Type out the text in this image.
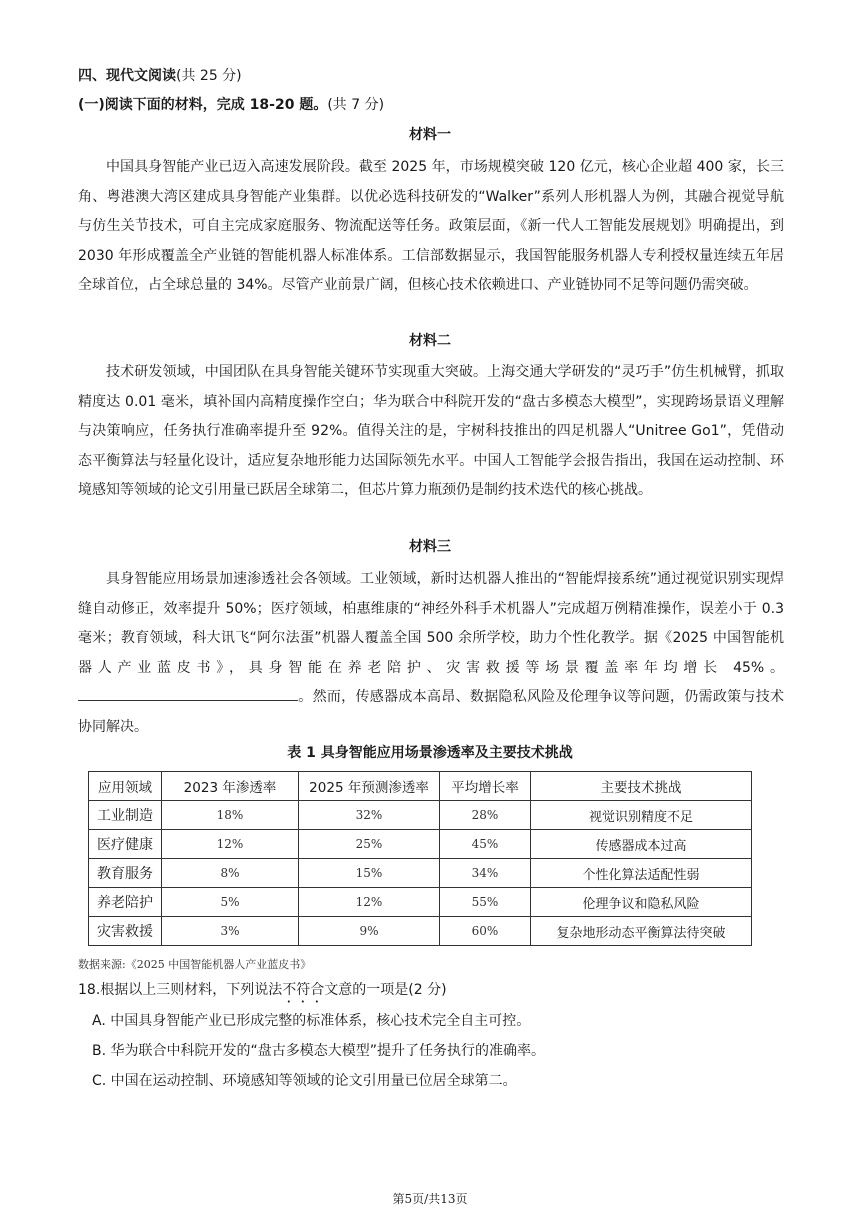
四、现代文阅读(共 25 分)
(一)阅读下面的材料，完成 18-20 题。(共 7 分)
材料一
中国具身智能产业已迈入高速发展阶段。截至 2025 年，市场规模突破 120 亿元，核心企业超 400 家，长三角、粤港澳大湾区建成具身智能产业集群。以优必选科技研发的“Walker”系列人形机器人为例，其融合视觉导航与仿生关节技术，可自主完成家庭服务、物流配送等任务。政策层面，《新一代人工智能发展规划》明确提出，到 2030 年形成覆盖全产业链的智能机器人标准体系。工信部数据显示，我国智能服务机器人专利授权量连续五年居全球首位，占全球总量的 34%。尽管产业前景广阔，但核心技术依赖进口、产业链协同不足等问题仍需突破。
材料二
技术研发领域，中国团队在具身智能关键环节实现重大突破。上海交通大学研发的“灵巧手”仿生机械臂，抓取精度达 0.01 毫米，填补国内高精度操作空白；华为联合中科院开发的“盘古多模态大模型”，实现跨场景语义理解与决策响应，任务执行准确率提升至 92%。值得关注的是，宇树科技推出的四足机器人“Unitree Go1”，凭借动态平衡算法与轻量化设计，适应复杂地形能力达国际领先水平。中国人工智能学会报告指出，我国在运动控制、环境感知等领域的论文引用量已跃居全球第二，但芯片算力瓶颈仍是制约技术迭代的核心挑战。
材料三
具身智能应用场景加速渗透社会各领域。工业领域，新时达机器人推出的“智能焊接系统”通过视觉识别实现焊缝自动修正，效率提升 50%；医疗领域，柏惠维康的“神经外科手术机器人”完成超万例精准操作，误差小于 0.3 毫米；教育领域，科大讯飞“阿尔法蛋”机器人覆盖全国 500 余所学校，助力个性化教学。据《2025 中国智能机器人产业蓝皮书》，具身智能在养老陪护、灾害救援等场景覆盖率年均增长 45%。。然而，传感器成本高昂、数据隐私风险及伦理争议等问题，仍需政策与技术协同解决。
表 1 具身智能应用场景渗透率及主要技术挑战
应用领域	2023 年渗透率	2025 年预测渗透率	平均增长率	主要技术挑战
工业制造	18%	32%	28%	视觉识别精度不足
医疗健康	12%	25%	45%	传感器成本过高
教育服务	8%	15%	34%	个性化算法适配性弱
养老陪护	5%	12%	55%	伦理争议和隐私风险
灾害救援	3%	9%	60%	复杂地形动态平衡算法待突破
数据来源:《2025 中国智能机器人产业蓝皮书》
18.根据以上三则材料，下列说法不符合文意的一项是(2 分)
A. 中国具身智能产业已形成完整的标准体系，核心技术完全自主可控。
B. 华为联合中科院开发的“盘古多模态大模型”提升了任务执行的准确率。
C. 中国在运动控制、环境感知等领域的论文引用量已位居全球第二。
第5页/共13页
